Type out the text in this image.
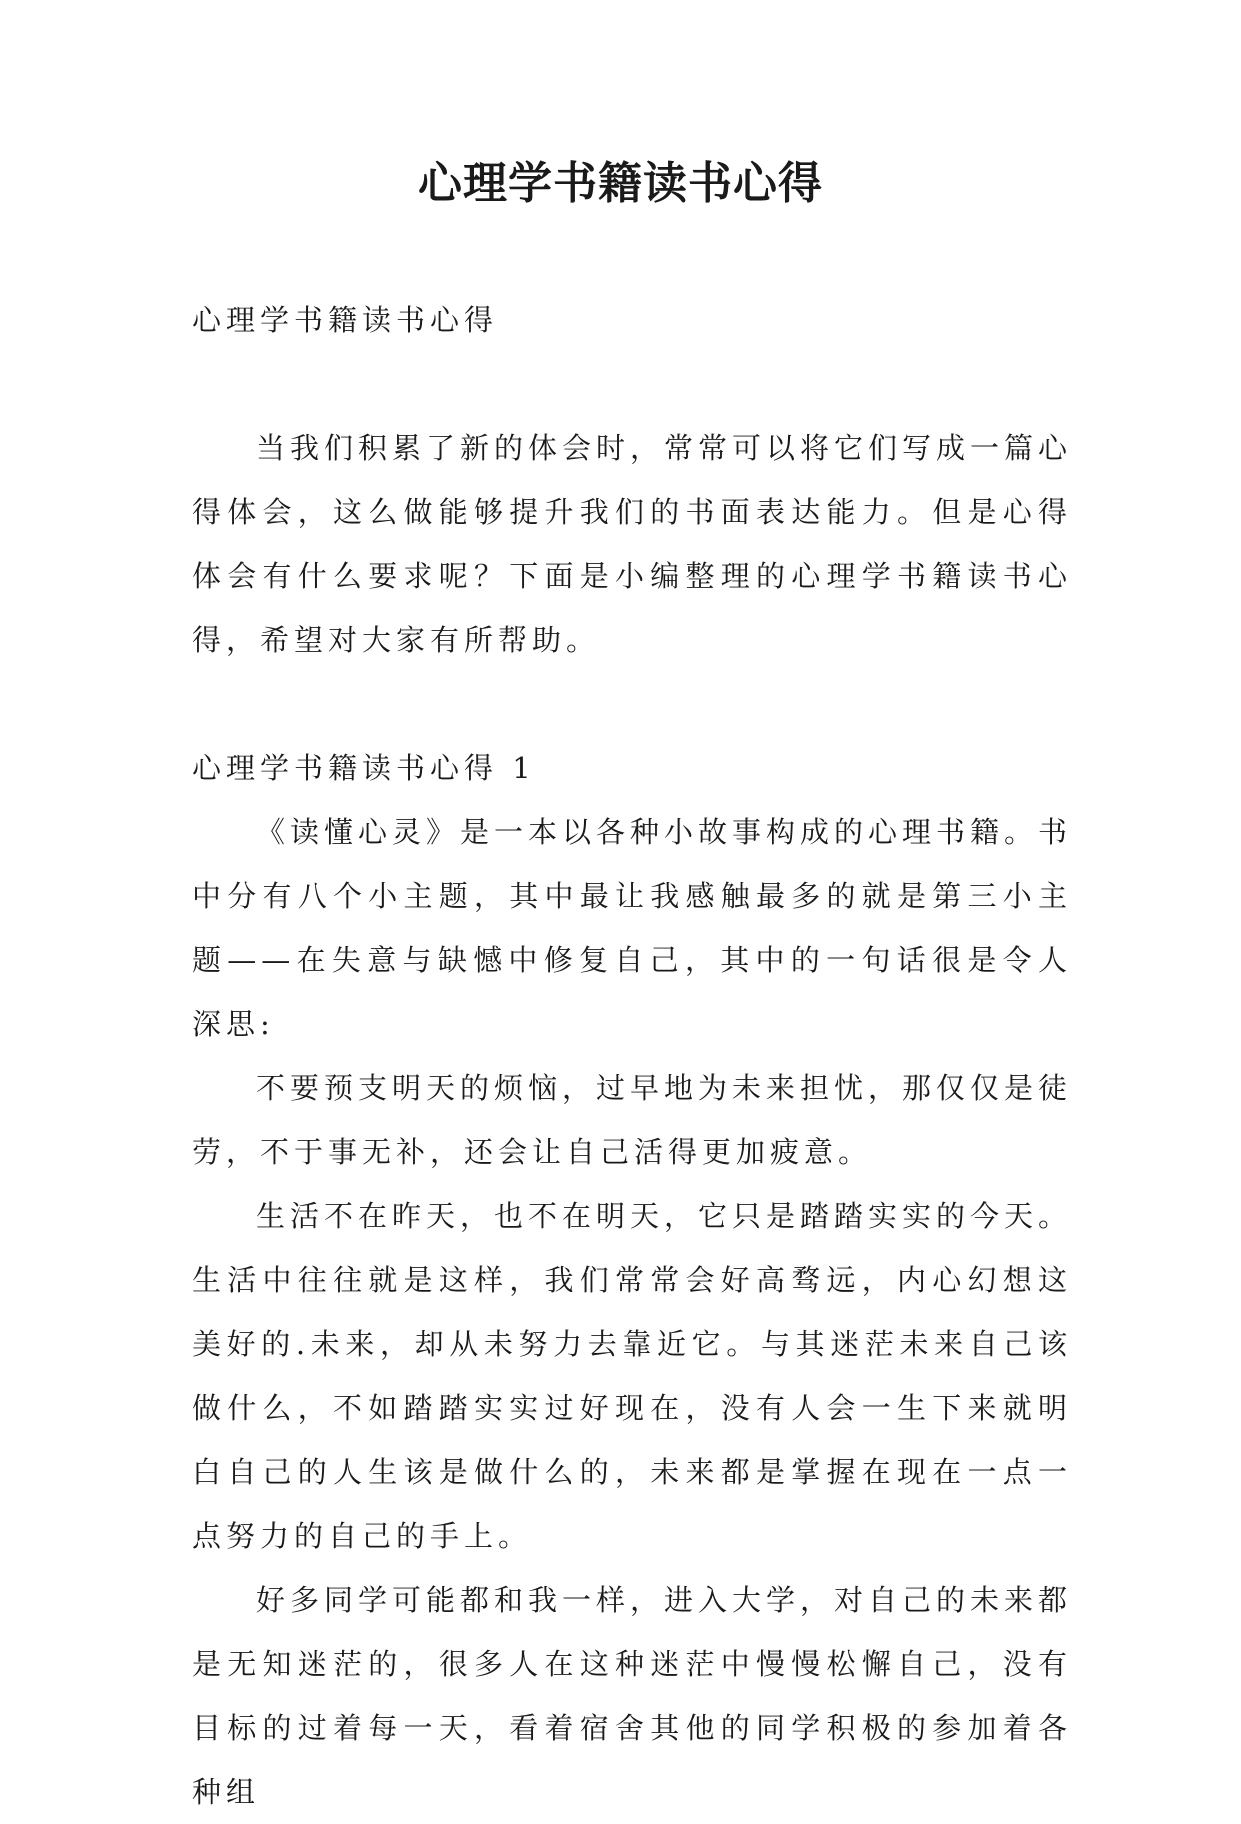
心理学书籍读书心得

心理学书籍读书心得

当我们积累了新的体会时，常常可以将它们写成一篇心得体会，这么做能够提升我们的书面表达能力。但是心得体会有什么要求呢？下面是小编整理的心理学书籍读书心得，希望对大家有所帮助。

心理学书籍读书心得 1

《读懂心灵》是一本以各种小故事构成的心理书籍。书中分有八个小主题，其中最让我感触最多的就是第三小主题——在失意与缺憾中修复自己，其中的一句话很是令人深思:

不要预支明天的烦恼，过早地为未来担忧，那仅仅是徒劳，不于事无补，还会让自己活得更加疲意。

生活不在昨天，也不在明天，它只是踏踏实实的今天。生活中往往就是这样，我们常常会好高骛远，内心幻想这美好的.未来，却从未努力去靠近它。与其迷茫未来自己该做什么，不如踏踏实实过好现在，没有人会一生下来就明白自己的人生该是做什么的，未来都是掌握在现在一点一点努力的自己的手上。

好多同学可能都和我一样，进入大学，对自己的未来都是无知迷茫的，很多人在这种迷茫中慢慢松懈自己，没有目标的过着每一天，看着宿舍其他的同学积极的参加着各种组
